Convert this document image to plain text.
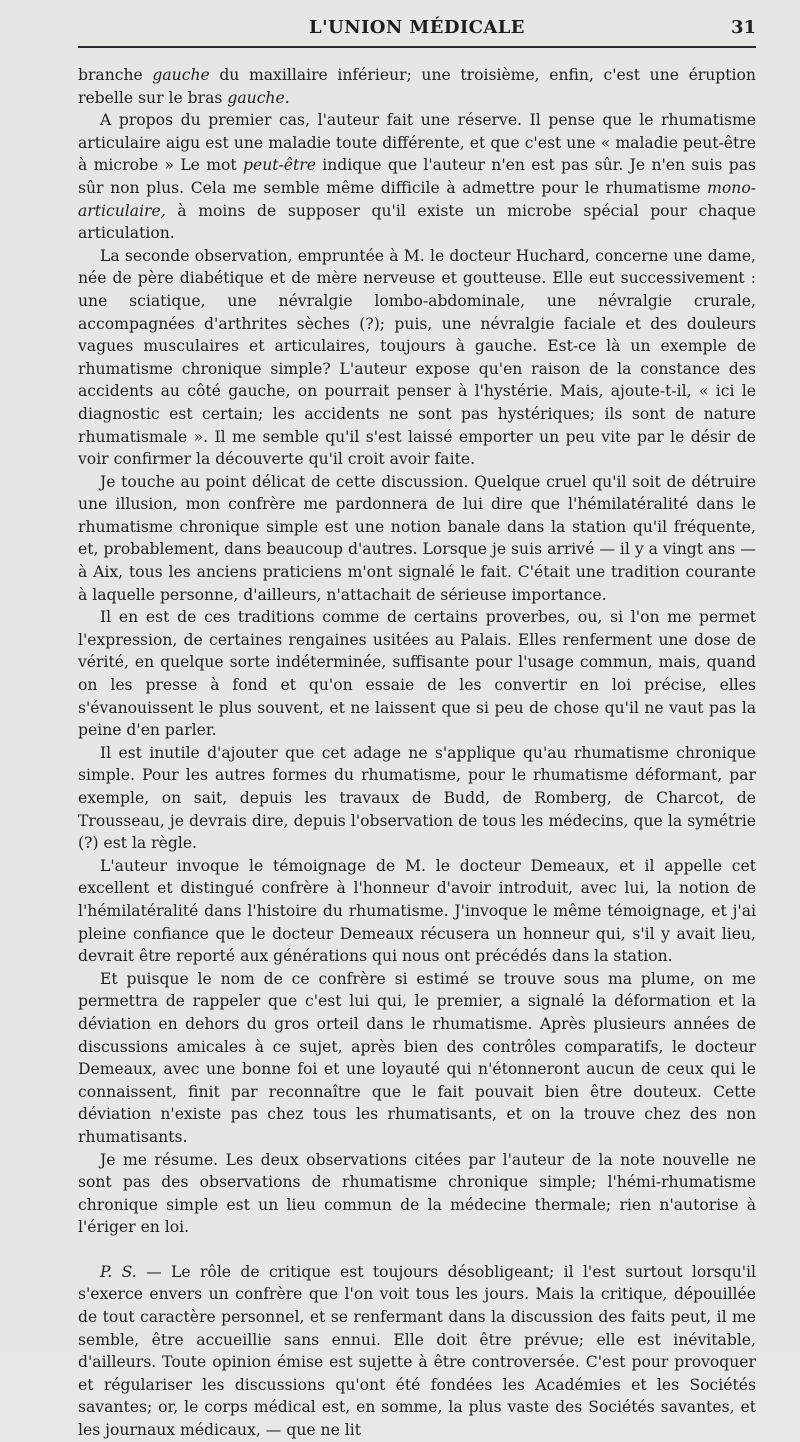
L'UNION MÉDICALE	31

branche gauche du maxillaire inférieur; une troisième, enfin, c'est une éruption rebelle sur le bras gauche.

A propos du premier cas, l'auteur fait une réserve. Il pense que le rhumatisme articulaire aigu est une maladie toute différente, et que c'est une « maladie peut-être à microbe » Le mot peut-être indique que l'auteur n'en est pas sûr. Je n'en suis pas sûr non plus. Cela me semble même difficile à admettre pour le rhumatisme mono-articulaire, à moins de supposer qu'il existe un microbe spécial pour chaque articulation.

La seconde observation, empruntée à M. le docteur Huchard, concerne une dame, née de père diabétique et de mère nerveuse et goutteuse. Elle eut successivement : une sciatique, une névralgie lombo-abdominale, une névralgie crurale, accompagnées d'arthrites sèches (?); puis, une névralgie faciale et des douleurs vagues musculaires et articulaires, toujours à gauche. Est-ce là un exemple de rhumatisme chronique simple? L'auteur expose qu'en raison de la constance des accidents au côté gauche, on pourrait penser à l'hystérie. Mais, ajoute-t-il, « ici le diagnostic est certain; les accidents ne sont pas hystériques; ils sont de nature rhumatismale ». Il me semble qu'il s'est laissé emporter un peu vite par le désir de voir confirmer la découverte qu'il croit avoir faite.

Je touche au point délicat de cette discussion. Quelque cruel qu'il soit de détruire une illusion, mon confrère me pardonnera de lui dire que l'hémilatéralité dans le rhumatisme chronique simple est une notion banale dans la station qu'il fréquente, et, probablement, dans beaucoup d'autres. Lorsque je suis arrivé — il y a vingt ans — à Aix, tous les anciens praticiens m'ont signalé le fait. C'était une tradition courante à laquelle personne, d'ailleurs, n'attachait de sérieuse importance.

Il en est de ces traditions comme de certains proverbes, ou, si l'on me permet l'expression, de certaines rengaines usitées au Palais. Elles renferment une dose de vérité, en quelque sorte indéterminée, suffisante pour l'usage commun, mais, quand on les presse à fond et qu'on essaie de les convertir en loi précise, elles s'évanouissent le plus souvent, et ne laissent que si peu de chose qu'il ne vaut pas la peine d'en parler.

Il est inutile d'ajouter que cet adage ne s'applique qu'au rhumatisme chronique simple. Pour les autres formes du rhumatisme, pour le rhumatisme déformant, par exemple, on sait, depuis les travaux de Budd, de Romberg, de Charcot, de Trousseau, je devrais dire, depuis l'observation de tous les médecins, que la symétrie (?) est la règle.

L'auteur invoque le témoignage de M. le docteur Demeaux, et il appelle cet excellent et distingué confrère à l'honneur d'avoir introduit, avec lui, la notion de l'hémilatéralité dans l'histoire du rhumatisme. J'invoque le même témoignage, et j'ai pleine confiance que le docteur Demeaux récusera un honneur qui, s'il y avait lieu, devrait être reporté aux générations qui nous ont précédés dans la station.

Et puisque le nom de ce confrère si estimé se trouve sous ma plume, on me permettra de rappeler que c'est lui qui, le premier, a signalé la déformation et la déviation en dehors du gros orteil dans le rhumatisme. Après plusieurs années de discussions amicales à ce sujet, après bien des contrôles comparatifs, le docteur Demeaux, avec une bonne foi et une loyauté qui n'étonneront aucun de ceux qui le connaissent, finit par reconnaître que le fait pouvait bien être douteux. Cette déviation n'existe pas chez tous les rhumatisants, et on la trouve chez des non rhumatisants.

Je me résume. Les deux observations citées par l'auteur de la note nouvelle ne sont pas des observations de rhumatisme chronique simple; l'hémi-rhumatisme chronique simple est un lieu commun de la médecine thermale; rien n'autorise à l'ériger en loi.

P. S. — Le rôle de critique est toujours désobligeant; il l'est surtout lorsqu'il s'exerce envers un confrère que l'on voit tous les jours. Mais la critique, dépouillée de tout caractère personnel, et se renfermant dans la discussion des faits peut, il me semble, être accueillie sans ennui. Elle doit être prévue; elle est inévitable, d'ailleurs. Toute opinion émise est sujette à être controversée. C'est pour provoquer et régulariser les discussions qu'ont été fondées les Académies et les Sociétés savantes; or, le corps médical est, en somme, la plus vaste des Sociétés savantes, et les journaux médicaux, — que ne lit
